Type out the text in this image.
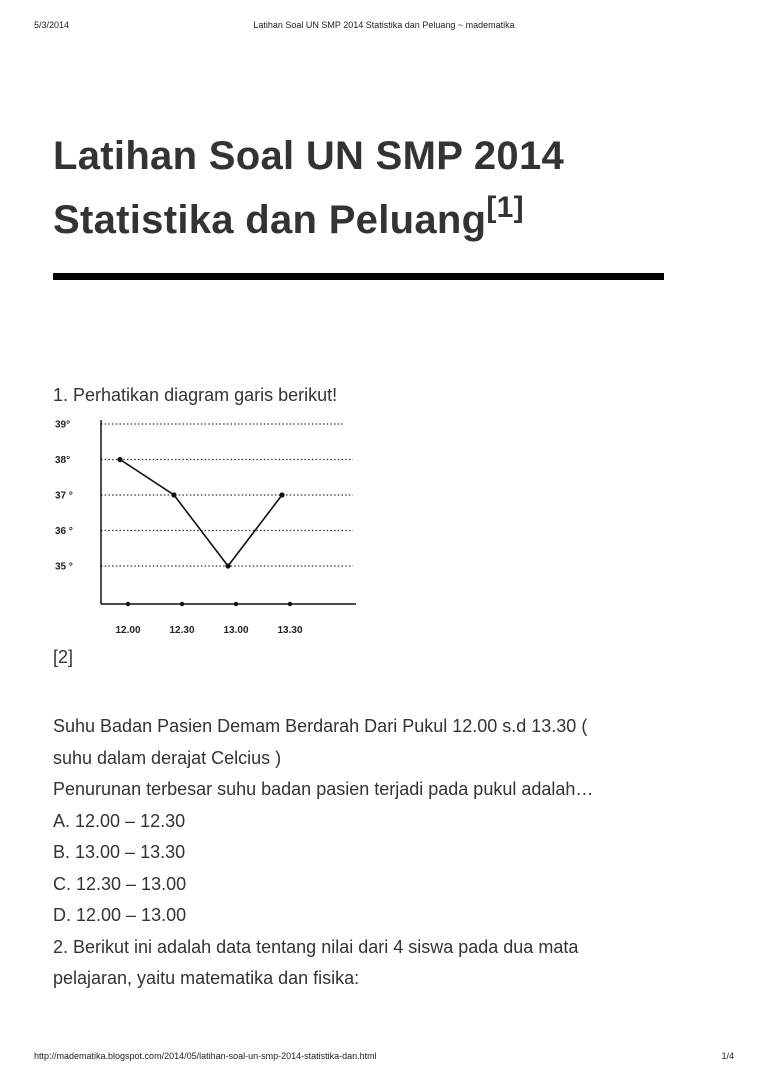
5/3/2014	Latihan Soal UN SMP 2014 Statistika dan Peluang ~ madematika
Latihan Soal UN SMP 2014
Statistika dan Peluang[1]
1. Perhatikan diagram garis berikut!
39°
38°
37 °
36 °
35 °
12.00	12.30	13.00	13.30
[2]

Suhu Badan Pasien Demam Berdarah Dari Pukul 12.00 s.d 13.30 (

suhu dalam derajat Celcius )

Penurunan terbesar suhu badan pasien terjadi pada pukul adalah…

A. 12.00 – 12.30

B. 13.00 – 13.30

C. 12.30 – 13.00

D. 12.00 – 13.00

2. Berikut ini adalah data tentang nilai dari 4 siswa pada dua mata

pelajaran, yaitu matematika dan fisika:

http://madematika.blogspot.com/2014/05/latihan-soal-un-smp-2014-statistika-dan.html	1/4
